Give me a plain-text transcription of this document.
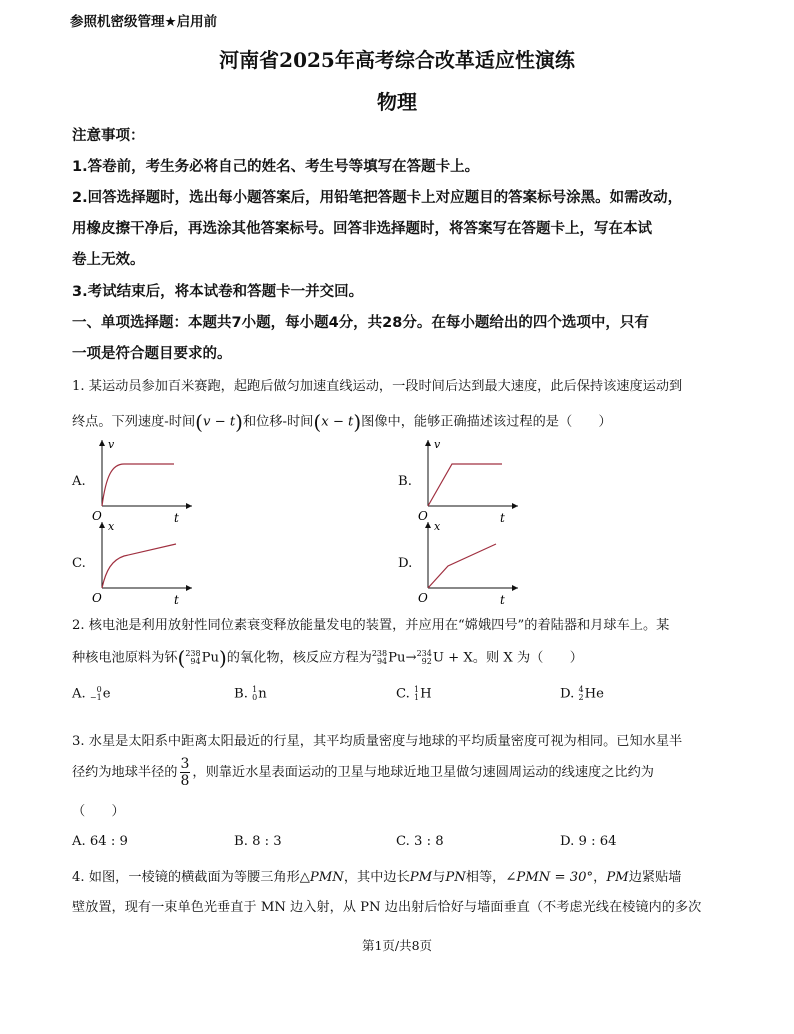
参照机密级管理★启用前
河南省2025年高考综合改革适应性演练
物理
注意事项：
1.答卷前，考生务必将自己的姓名、考生号等填写在答题卡上。
2.回答选择题时，选出每小题答案后，用铅笔把答题卡上对应题目的答案标号涂黑。如需改动，
用橡皮擦干净后，再选涂其他答案标号。回答非选择题时，将答案写在答题卡上，写在本试
卷上无效。
3.考试结束后，将本试卷和答题卡一并交回。
一、单项选择题：本题共7小题，每小题4分，共28分。在每小题给出的四个选项中，只有
一项是符合题目要求的。
1. 某运动员参加百米赛跑，起跑后做匀加速直线运动，一段时间后达到最大速度，此后保持该速度运动到
终点。下列速度-时间(v − t)和位移-时间(x − t)图像中，能够正确描述该过程的是（　　）
A.
v
O	t
B.
v
O	t
C.
x
O	t
D.
x
O	t
2. 核电池是利用放射性同位素衰变释放能量发电的装置，并应用在“嫦娥四号”的着陆器和月球车上。某
种核电池原料为钚(238
94Pu)的氧化物，核反应方程为238
94Pu→234
92U + X。则 X 为（　　）
A. 0
−1e	B. 1
0n	C. 1
1H	D. 4
2He
3. 水星是太阳系中距离太阳最近的行星，其平均质量密度与地球的平均质量密度可视为相同。已知水星半
径约为地球半径的 $\frac{3}{8}$ ，则靠近水星表面运动的卫星与地球近地卫星做匀速圆周运动的线速度之比约为
（　　）
A. 64 : 9	B. 8 : 3	C. 3 : 8	D. 9 : 64
4. 如图，一棱镜的横截面为等腰三角形△PMN，其中边长PM与PN相等，∠PMN = 30°，PM边紧贴墙
壁放置，现有一束单色光垂直于 MN 边入射，从 PN 边出射后恰好与墙面垂直（不考虑光线在棱镜内的多次
第1页/共8页
